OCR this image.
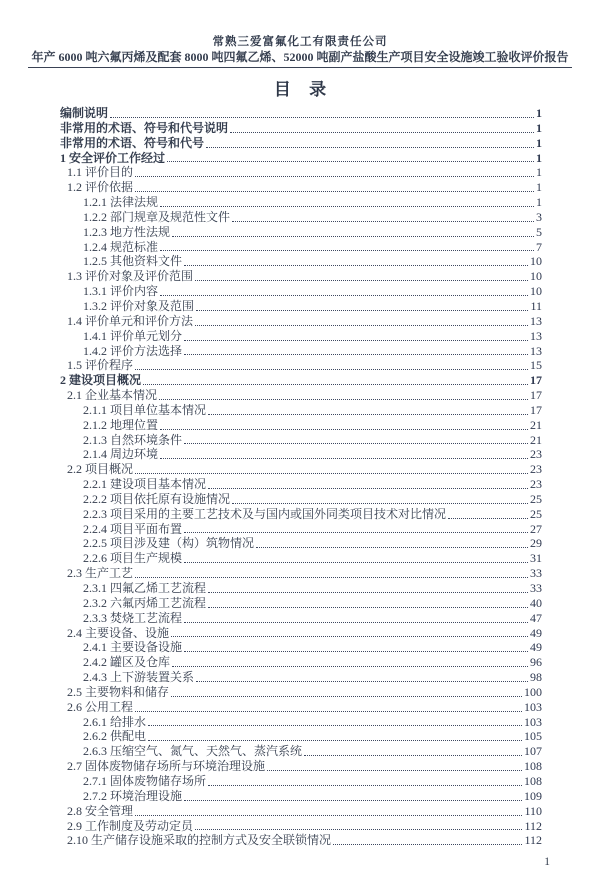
常熟三爱富氟化工有限责任公司
年产 6000 吨六氟丙烯及配套 8000 吨四氟乙烯、52000 吨副产盐酸生产项目安全设施竣工验收评价报告
目 录
编制说明	1
非常用的术语、符号和代号说明	1
非常用的术语、符号和代号	1
1 安全评价工作经过	1
1.1 评价目的	1
1.2 评价依据	1
1.2.1 法律法规	1
1.2.2 部门规章及规范性文件	3
1.2.3 地方性法规	5
1.2.4 规范标准	7
1.2.5 其他资料文件	10
1.3 评价对象及评价范围	10
1.3.1 评价内容	10
1.3.2 评价对象及范围	11
1.4 评价单元和评价方法	13
1.4.1 评价单元划分	13
1.4.2 评价方法选择	13
1.5 评价程序	15
2 建设项目概况	17
2.1 企业基本情况	17
2.1.1 项目单位基本情况	17
2.1.2 地理位置	21
2.1.3 自然环境条件	21
2.1.4 周边环境	23
2.2 项目概况	23
2.2.1 建设项目基本情况	23
2.2.2 项目依托原有设施情况	25
2.2.3 项目采用的主要工艺技术及与国内或国外同类项目技术对比情况	25
2.2.4 项目平面布置	27
2.2.5 项目涉及建（构）筑物情况	29
2.2.6 项目生产规模	31
2.3 生产工艺	33
2.3.1 四氟乙烯工艺流程	33
2.3.2 六氟丙烯工艺流程	40
2.3.3 焚烧工艺流程	47
2.4 主要设备、设施	49
2.4.1 主要设备设施	49
2.4.2 罐区及仓库	96
2.4.3 上下游装置关系	98
2.5 主要物料和储存	100
2.6 公用工程	103
2.6.1 给排水	103
2.6.2 供配电	105
2.6.3 压缩空气、氮气、天然气、蒸汽系统	107
2.7 固体废物储存场所与环境治理设施	108
2.7.1 固体废物储存场所	108
2.7.2 环境治理设施	109
2.8 安全管理	110
2.9 工作制度及劳动定员	112
2.10 生产储存设施采取的控制方式及安全联锁情况	112
1
